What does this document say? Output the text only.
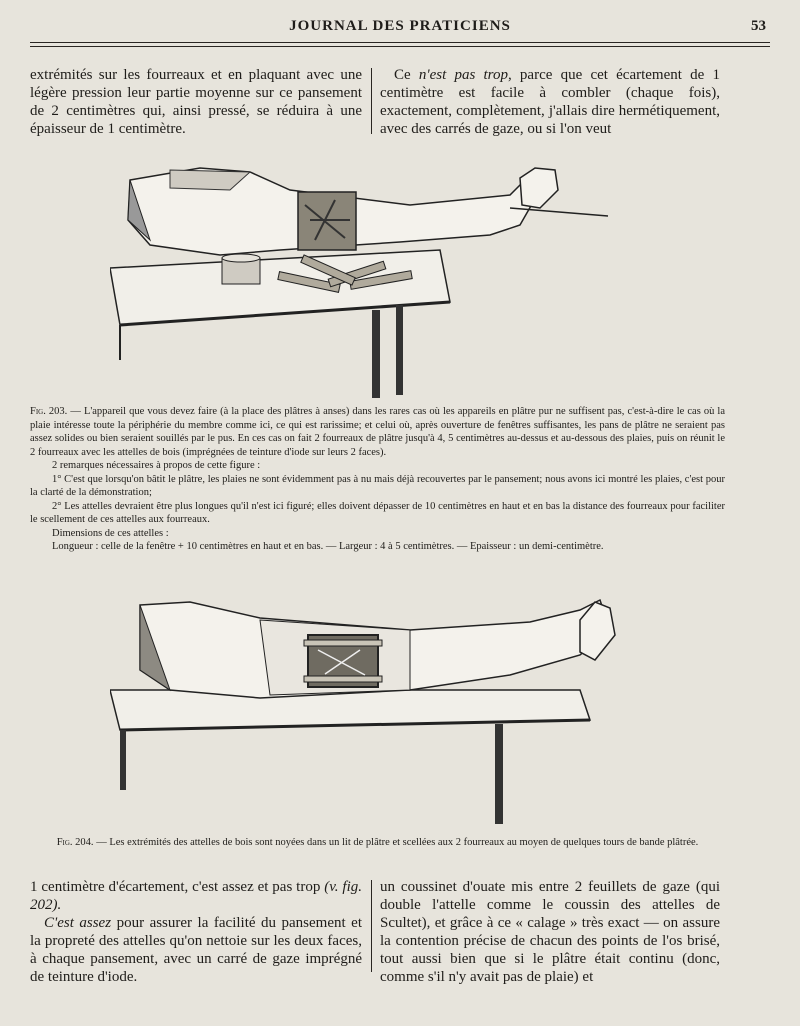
JOURNAL DES PRATICIENS	53

extrémités sur les fourreaux et en plaquant avec une légère pression leur partie moyenne sur ce pansement de 2 centimètres qui, ainsi pressé, se réduira à une épaisseur de 1 centimètre.

Ce n'est pas trop, parce que cet écartement de 1 centimètre est facile à combler (chaque fois), exactement, complètement, j'allais dire hermétiquement, avec des carrés de gaze, ou si l'on veut

Fig. 203. — L'appareil que vous devez faire (à la place des plâtres à anses) dans les rares cas où les appareils en plâtre pur ne suffisent pas, c'est-à-dire le cas où la plaie intéresse toute la périphérie du membre comme ici, ce qui est rarissime; et celui où, après ouverture de fenêtres suffisantes, les pans de plâtre ne seraient pas assez solides ou bien seraient souillés par le pus. En ces cas on fait 2 fourreaux de plâtre jusqu'à 4, 5 centimètres au-dessus et au-dessous des plaies, puis on réunit le 2 fourreaux avec les attelles de bois (imprégnées de teinture d'iode sur leurs 2 faces).

2 remarques nécessaires à propos de cette figure :

1° C'est que lorsqu'on bâtit le plâtre, les plaies ne sont évidemment pas à nu mais déjà recouvertes par le pansement; nous avons ici montré les plaies, c'est pour la clarté de la démonstration;

2° Les attelles devraient être plus longues qu'il n'est ici figuré; elles doivent dépasser de 10 centimètres en haut et en bas la distance des fourreaux pour faciliter le scellement de ces attelles aux fourreaux.

Dimensions de ces attelles :

Longueur : celle de la fenêtre + 10 centimètres en haut et en bas. — Largeur : 4 à 5 centimètres. — Epaisseur : un demi-centimètre.

Fig. 204. — Les extrémités des attelles de bois sont noyées dans un lit de plâtre et scellées aux 2 fourreaux au moyen de quelques tours de bande plâtrée.

1 centimètre d'écartement, c'est assez et pas trop (v. fig. 202).

C'est assez pour assurer la facilité du pansement et la propreté des attelles qu'on nettoie sur les deux faces, à chaque pansement, avec un carré de gaze imprégné de teinture d'iode.

un coussinet d'ouate mis entre 2 feuillets de gaze (qui double l'attelle comme le coussin des attelles de Scultet), et grâce à ce « calage » très exact — on assure la contention précise de chacun des points de l'os brisé, tout aussi bien que si le plâtre était continu (donc, comme s'il n'y avait pas de plaie) et
